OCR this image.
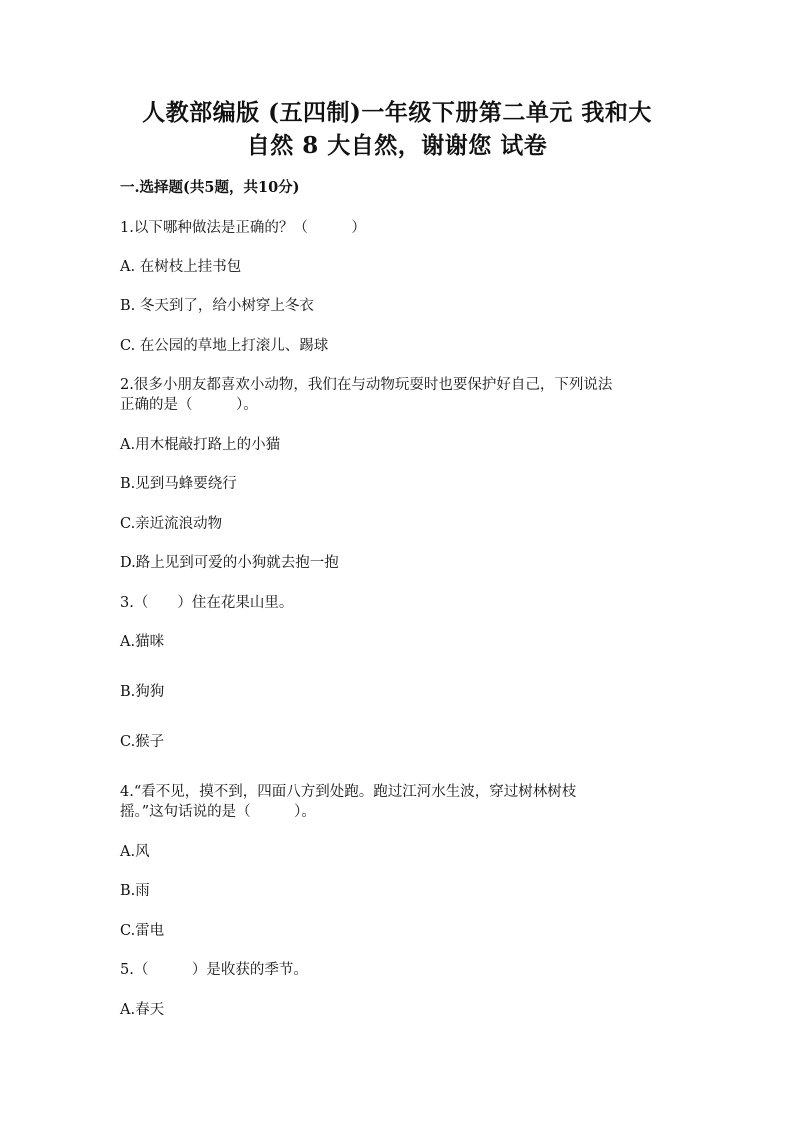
人教部编版 (五四制)一年级下册第二单元 我和大
自然 8 大自然，谢谢您 试卷
一.选择题(共5题，共10分)
1.以下哪种做法是正确的？（　　　）
A. 在树枝上挂书包
B. 冬天到了，给小树穿上冬衣
C. 在公园的草地上打滚儿、踢球
2.很多小朋友都喜欢小动物，我们在与动物玩耍时也要保护好自己，下列说法
正确的是（　　　）。
A.用木棍敲打路上的小猫
B.见到马蜂要绕行
C.亲近流浪动物
D.路上见到可爱的小狗就去抱一抱
3.（　　）住在花果山里。
A.猫咪
B.狗狗
C.猴子
4.“看不见，摸不到，四面八方到处跑。跑过江河水生波，穿过树林树枝
摇。”这句话说的是（　　　）。
A.风
B.雨
C.雷电
5.（　　　）是收获的季节。
A.春天
